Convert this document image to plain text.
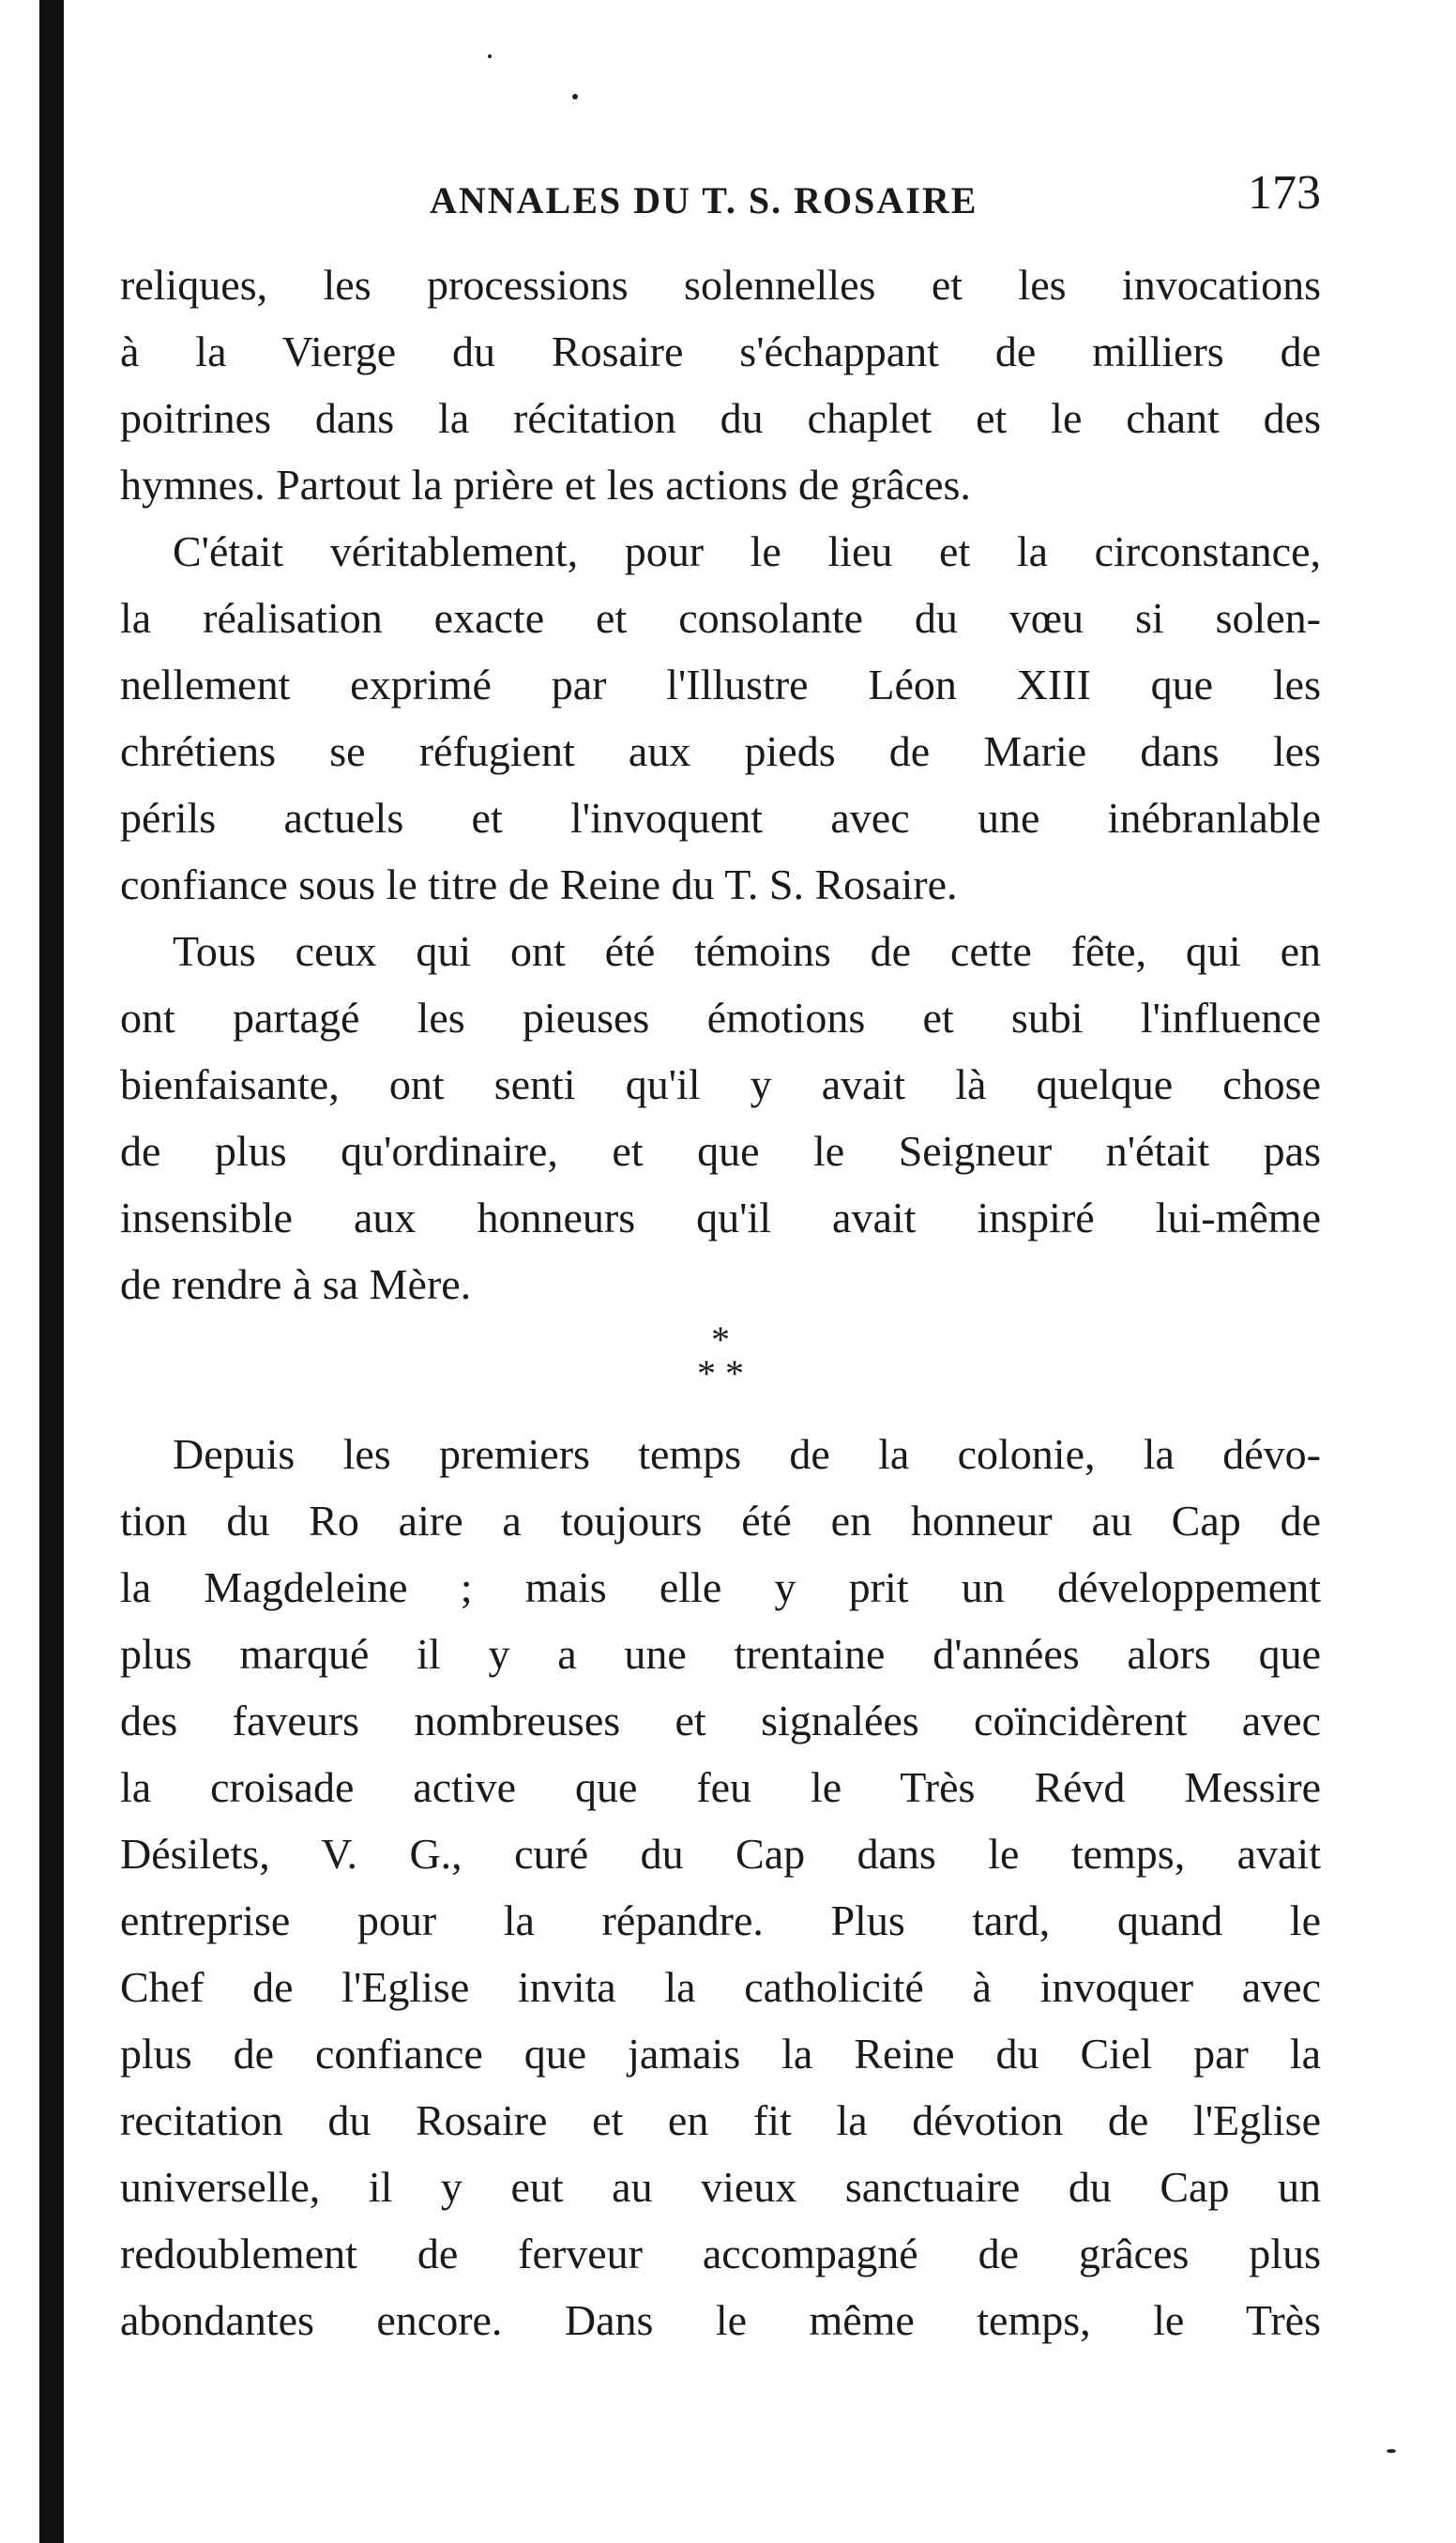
ANNALES DU T. S. ROSAIRE	173
reliques, les processions solennelles et les invocations
à la Vierge du Rosaire s'échappant de milliers de
poitrines dans la récitation du chaplet et le chant des
hymnes. Partout la prière et les actions de grâces.
C'était véritablement, pour le lieu et la circonstance,
la réalisation exacte et consolante du vœu si solen-
nellement exprimé par l'Illustre Léon XIII que les
chrétiens se réfugient aux pieds de Marie dans les
périls actuels et l'invoquent avec une inébranlable
confiance sous le titre de Reine du T. S. Rosaire.
Tous ceux qui ont été témoins de cette fête, qui en
ont partagé les pieuses émotions et subi l'influence
bienfaisante, ont senti qu'il y avait là quelque chose
de plus qu'ordinaire, et que le Seigneur n'était pas
insensible aux honneurs qu'il avait inspiré lui-même
de rendre à sa Mère.
*
* *
Depuis les premiers temps de la colonie, la dévo-
tion du Ro aire a toujours été en honneur au Cap de
la Magdeleine ; mais elle y prit un développement
plus marqué il y a une trentaine d'années alors que
des faveurs nombreuses et signalées coïncidèrent avec
la croisade active que feu le Très Révd Messire
Désilets, V. G., curé du Cap dans le temps, avait
entreprise pour la répandre. Plus tard, quand le
Chef de l'Eglise invita la catholicité à invoquer avec
plus de confiance que jamais la Reine du Ciel par la
recitation du Rosaire et en fit la dévotion de l'Eglise
universelle, il y eut au vieux sanctuaire du Cap un
redoublement de ferveur accompagné de grâces plus
abondantes encore. Dans le même temps, le Très
